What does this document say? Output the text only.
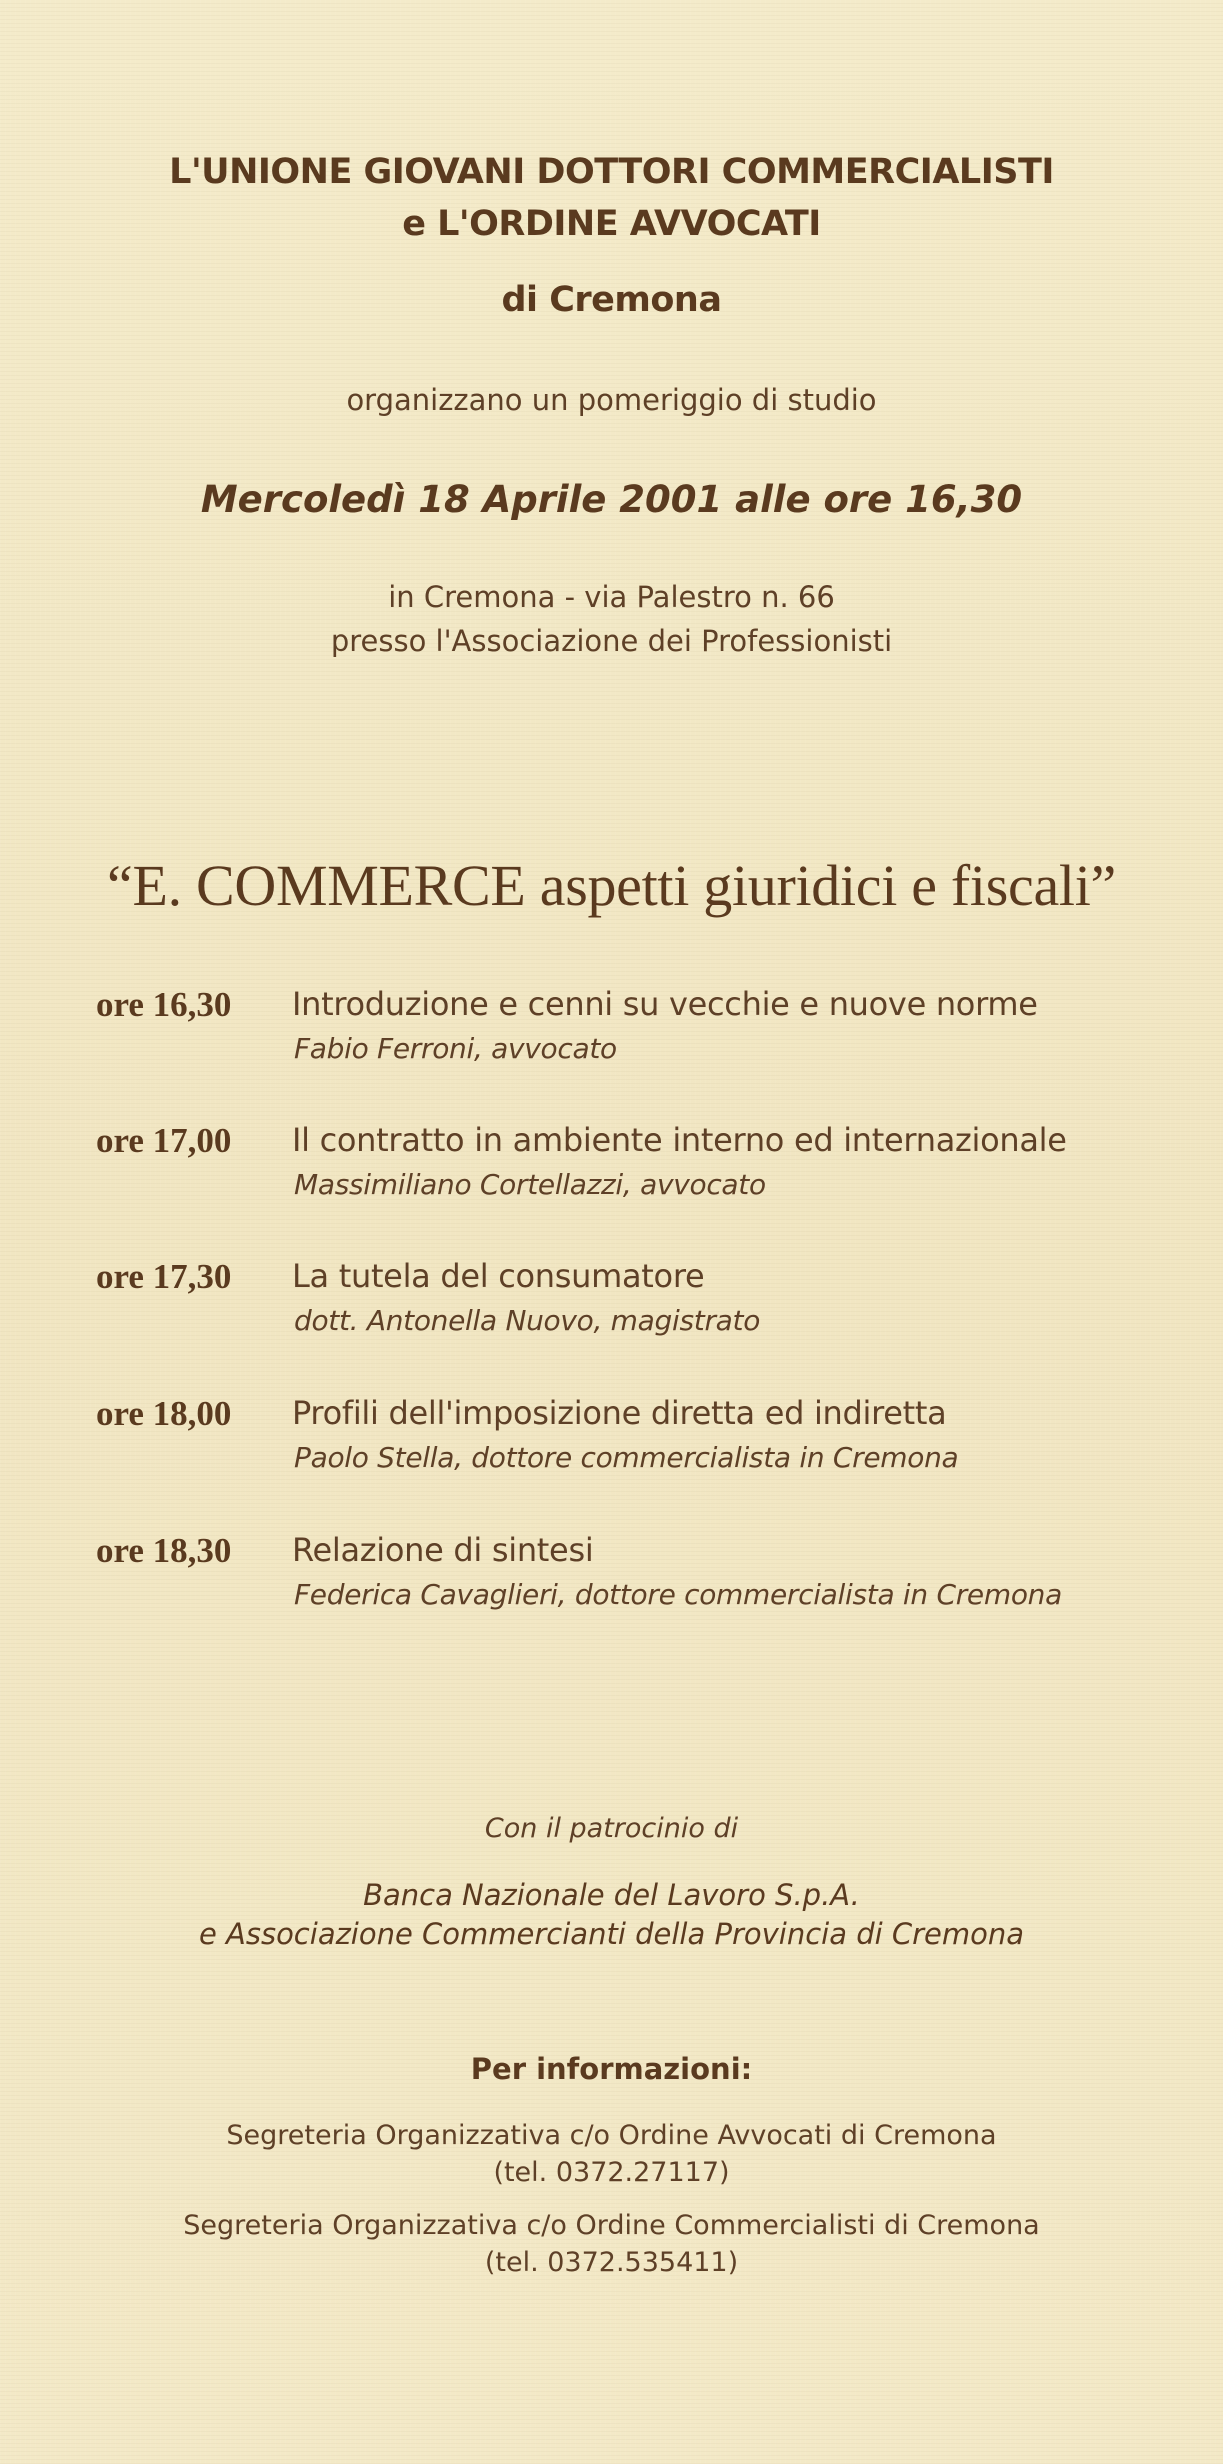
L'UNIONE GIOVANI DOTTORI COMMERCIALISTI
e L'ORDINE AVVOCATI
di Cremona
organizzano un pomeriggio di studio
Mercoledì 18 Aprile 2001 alle ore 16,30
in Cremona - via Palestro n. 66
presso l'Associazione dei Professionisti
“E. COMMERCE aspetti giuridici e fiscali”
ore 16,30 Introduzione e cenni su vecchie e nuove norme
Fabio Ferroni, avvocato
ore 17,00 Il contratto in ambiente interno ed internazionale
Massimiliano Cortellazzi, avvocato
ore 17,30 La tutela del consumatore
dott. Antonella Nuovo, magistrato
ore 18,00 Profili dell'imposizione diretta ed indiretta
Paolo Stella, dottore commercialista in Cremona
ore 18,30 Relazione di sintesi
Federica Cavaglieri, dottore commercialista in Cremona
Con il patrocinio di
Banca Nazionale del Lavoro S.p.A.
e Associazione Commercianti della Provincia di Cremona
Per informazioni:
Segreteria Organizzativa c/o Ordine Avvocati di Cremona
(tel. 0372.27117)
Segreteria Organizzativa c/o Ordine Commercialisti di Cremona
(tel. 0372.535411)
